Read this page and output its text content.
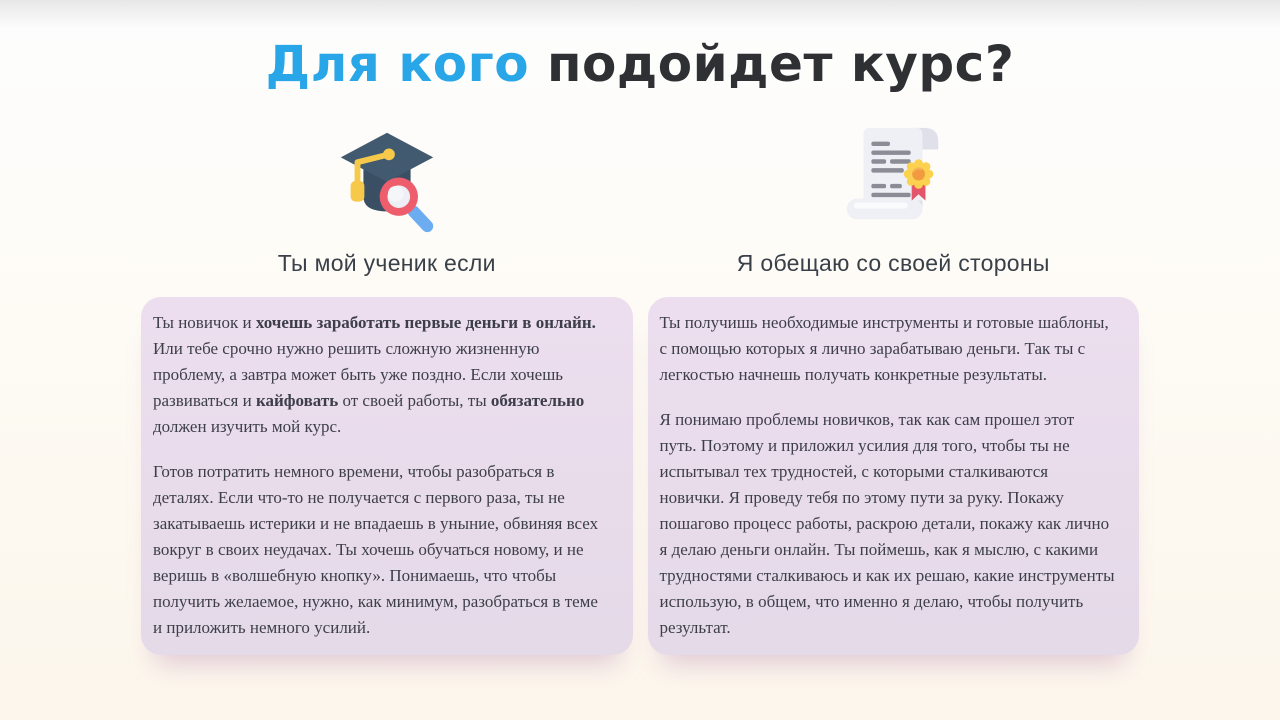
Для кого подойдет курс?
Ты мой ученик если

Ты новичок и хочешь заработать первые деньги в онлайн. Или тебе срочно нужно решить сложную жизненную проблему, а завтра может быть уже поздно. Если хочешь развиваться и кайфовать от своей работы, ты обязательно должен изучить мой курс.

Готов потратить немного времени, чтобы разобраться в деталях. Если что-то не получается с первого раза, ты не закатываешь истерики и не впадаешь в уныние, обвиняя всех вокруг в своих неудачах. Ты хочешь обучаться новому, и не веришь в «волшебную кнопку». Понимаешь, что чтобы получить желаемое, нужно, как минимум, разобраться в теме и приложить немного усилий.

Я обещаю со своей стороны

Ты получишь необходимые инструменты и готовые шаблоны, с помощью которых я лично зарабатываю деньги. Так ты с легкостью начнешь получать конкретные результаты.

Я понимаю проблемы новичков, так как сам прошел этот путь. Поэтому и приложил усилия для того, чтобы ты не испытывал тех трудностей, с которыми сталкиваются новички. Я проведу тебя по этому пути за руку. Покажу пошагово процесс работы, раскрою детали, покажу как лично я делаю деньги онлайн. Ты поймешь, как я мыслю, с какими трудностями сталкиваюсь и как их решаю, какие инструменты использую, в общем, что именно я делаю, чтобы получить результат.
